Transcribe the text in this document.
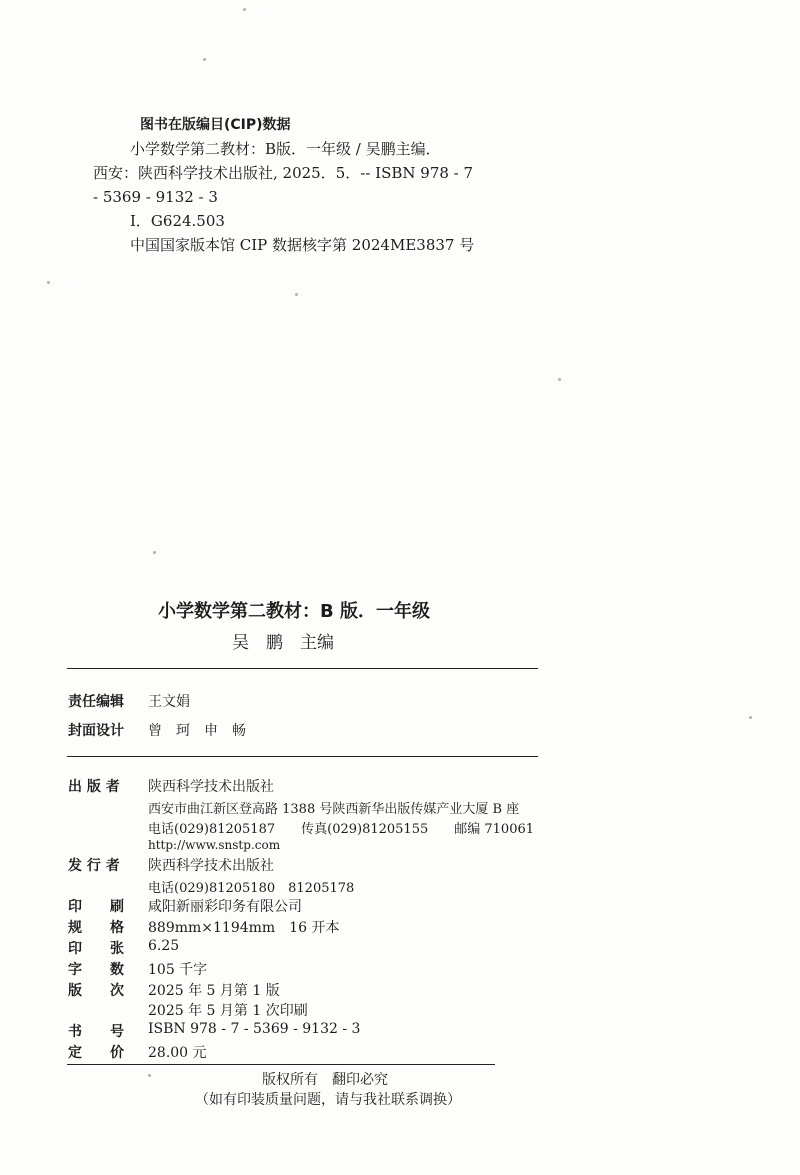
图书在版编目(CIP)数据
小学数学第二教材：B版．一年级 / 吴鹏主编．
西安：陕西科学技术出版社, 2025．5．-- ISBN 978 - 7
- 5369 - 9132 - 3
Ⅰ．G624.503
中国国家版本馆 CIP 数据核字第 2024ME3837 号
小学数学第二教材：B 版．一年级
吴　鹏　主编
责任编辑 王文娟
封面设计 曾　珂　申　畅
出 版 者 陕西科学技术出版社
西安市曲江新区登高路 1388 号陕西新华出版传媒产业大厦 B 座
电话(029)81205187　　传真(029)81205155　　邮编 710061
http://www.snstp.com
发 行 者 陕西科学技术出版社
电话(029)81205180　81205178
印　　刷 咸阳新丽彩印务有限公司
规　　格 889mm×1194mm　16 开本
印　　张 6.25
字　　数 105 千字
版　　次 2025 年 5 月第 1 版
2025 年 5 月第 1 次印刷
书　　号 ISBN 978 - 7 - 5369 - 9132 - 3
定　　价 28.00 元
版权所有　翻印必究
（如有印装质量问题，请与我社联系调换）
